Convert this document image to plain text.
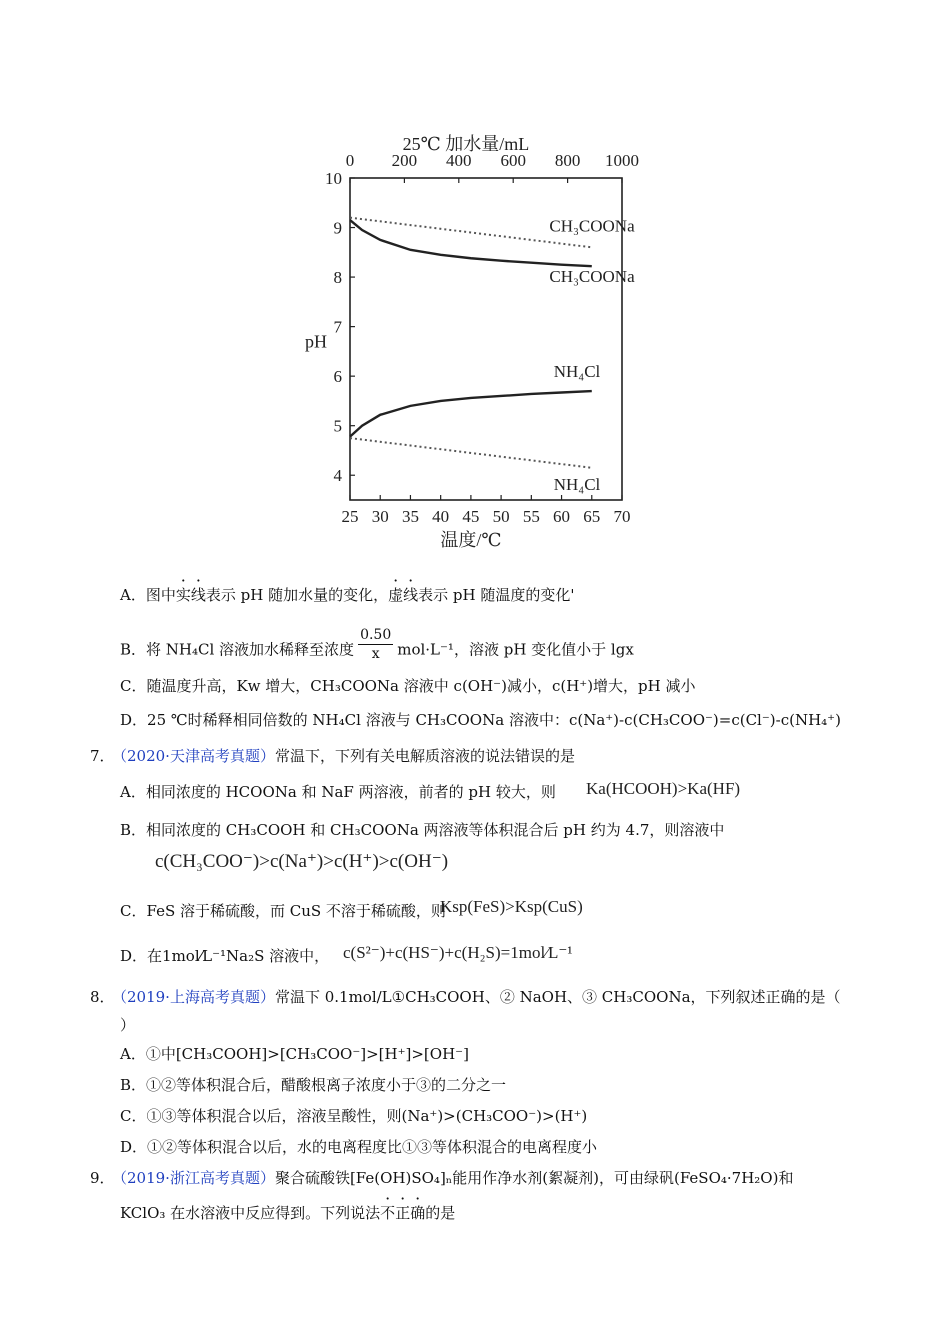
25 30 35 40 45 50 55 60 65 70
0 200 400 600 800 1000
4
5
6
7
8
9
10
25℃ 加水量/mL
温度/℃
pH
CH₃COONa
CH₃COONa
NH₄Cl
NH₄Cl
A．图中实线表示 pH 随加水量的变化，虚线表示 pH 随温度的变化'
B．将 NH₄Cl 溶液加水稀释至浓度 $\frac{0.50}{x} mol\cdot L^{-1}$，溶液 pH 变化值小于 lgx
C．随温度升高，Kw 增大，CH₃COONa 溶液中 c(OH⁻)减小，c(H⁺)增大，pH 减小
D．25 ℃时稀释相同倍数的 NH₄Cl 溶液与 CH₃COONa 溶液中：c(Na⁺)-c(CH₃COO⁻)=c(Cl⁻)-c(NH₄⁺)
7．
（2020·天津高考真题）常温下，下列有关电解质溶液的说法错误的是
A．相同浓度的 HCOONa 和 NaF 两溶液，前者的 pH 较大，则 Ka(HCOOH)>Ka(HF)
B．相同浓度的 CH₃COOH 和 CH₃COONa 两溶液等体积混合后 pH 约为 4.7，则溶液中
c(CH₃COO⁻)>c(Na⁺)>c(H⁺)>c(OH⁻)
C．FeS 溶于稀硫酸，而 CuS 不溶于稀硫酸，则
Ksp(FeS)>Ksp(CuS)
D．在1mol⁄L⁻¹Na₂S 溶液中， c(S²⁻)+c(HS⁻)+c(H₂S)=1mol⁄L⁻¹
8．
（2019·上海高考真题）常温下 0.1mol/L①CH₃COOH、② NaOH、③ CH₃COONa，下列叙述正确的是（
）
A．①中[CH₃COOH]>[CH₃COO⁻]>[H⁺]>[OH⁻]
B．①②等体积混合后，醋酸根离子浓度小于③的二分之一
C．①③等体积混合以后，溶液呈酸性，则(Na⁺)>(CH₃COO⁻)>(H⁺)
D．①②等体积混合以后，水的电离程度比①③等体积混合的电离程度小
9．
（2019·浙江高考真题）聚合硫酸铁[Fe(OH)SO₄]ₙ能用作净水剂(絮凝剂)，可由绿矾(FeSO₄·7H₂O)和
KClO₃ 在水溶液中反应得到。下列说法不正确的是
